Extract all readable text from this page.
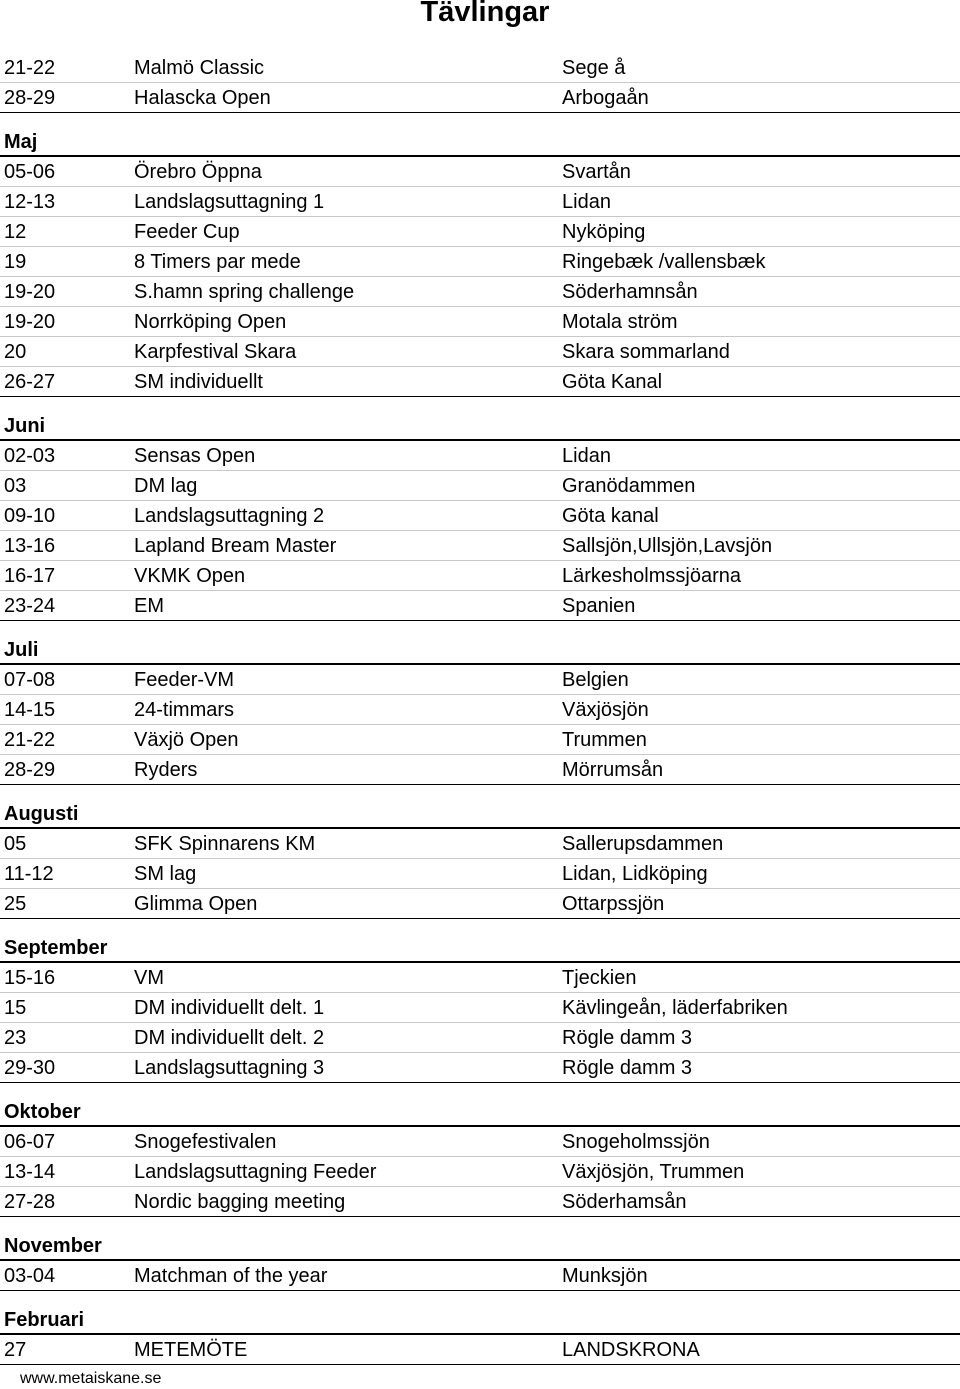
Tävlingar
21-22	Malmö Classic	Sege å
28-29	Halascka Open	Arbogaån
Maj
05-06	Örebro Öppna	Svartån
12-13	Landslagsuttagning 1	Lidan
12	Feeder Cup	Nyköping
19	8 Timers par mede	Ringebæk /vallensbæk
19-20	S.hamn spring challenge	Söderhamnsån
19-20	Norrköping Open	Motala ström
20	Karpfestival Skara	Skara sommarland
26-27	SM individuellt	Göta Kanal
Juni
02-03	Sensas Open	Lidan
03	DM lag	Granödammen
09-10	Landslagsuttagning 2	Göta kanal
13-16	Lapland Bream Master	Sallsjön,Ullsjön,Lavsjön
16-17	VKMK Open	Lärkesholmssjöarna
23-24	EM	Spanien
Juli
07-08	Feeder-VM	Belgien
14-15	24-timmars	Växjösjön
21-22	Växjö Open	Trummen
28-29	Ryders	Mörrumsån
Augusti
05	SFK Spinnarens KM	Sallerupsdammen
11-12	SM lag	Lidan, Lidköping
25	Glimma Open	Ottarpssjön
September
15-16	VM	Tjeckien
15	DM individuellt delt. 1	Kävlingeån, läderfabriken
23	DM individuellt delt. 2	Rögle damm 3
29-30	Landslagsuttagning 3	Rögle damm 3
Oktober
06-07	Snogefestivalen	Snogeholmssjön
13-14	Landslagsuttagning Feeder	Växjösjön, Trummen
27-28	Nordic bagging meeting	Söderhamsån
November
03-04	Matchman of the year	Munksjön
Februari
27	METEMÖTE	LANDSKRONA
www.metaiskane.se
